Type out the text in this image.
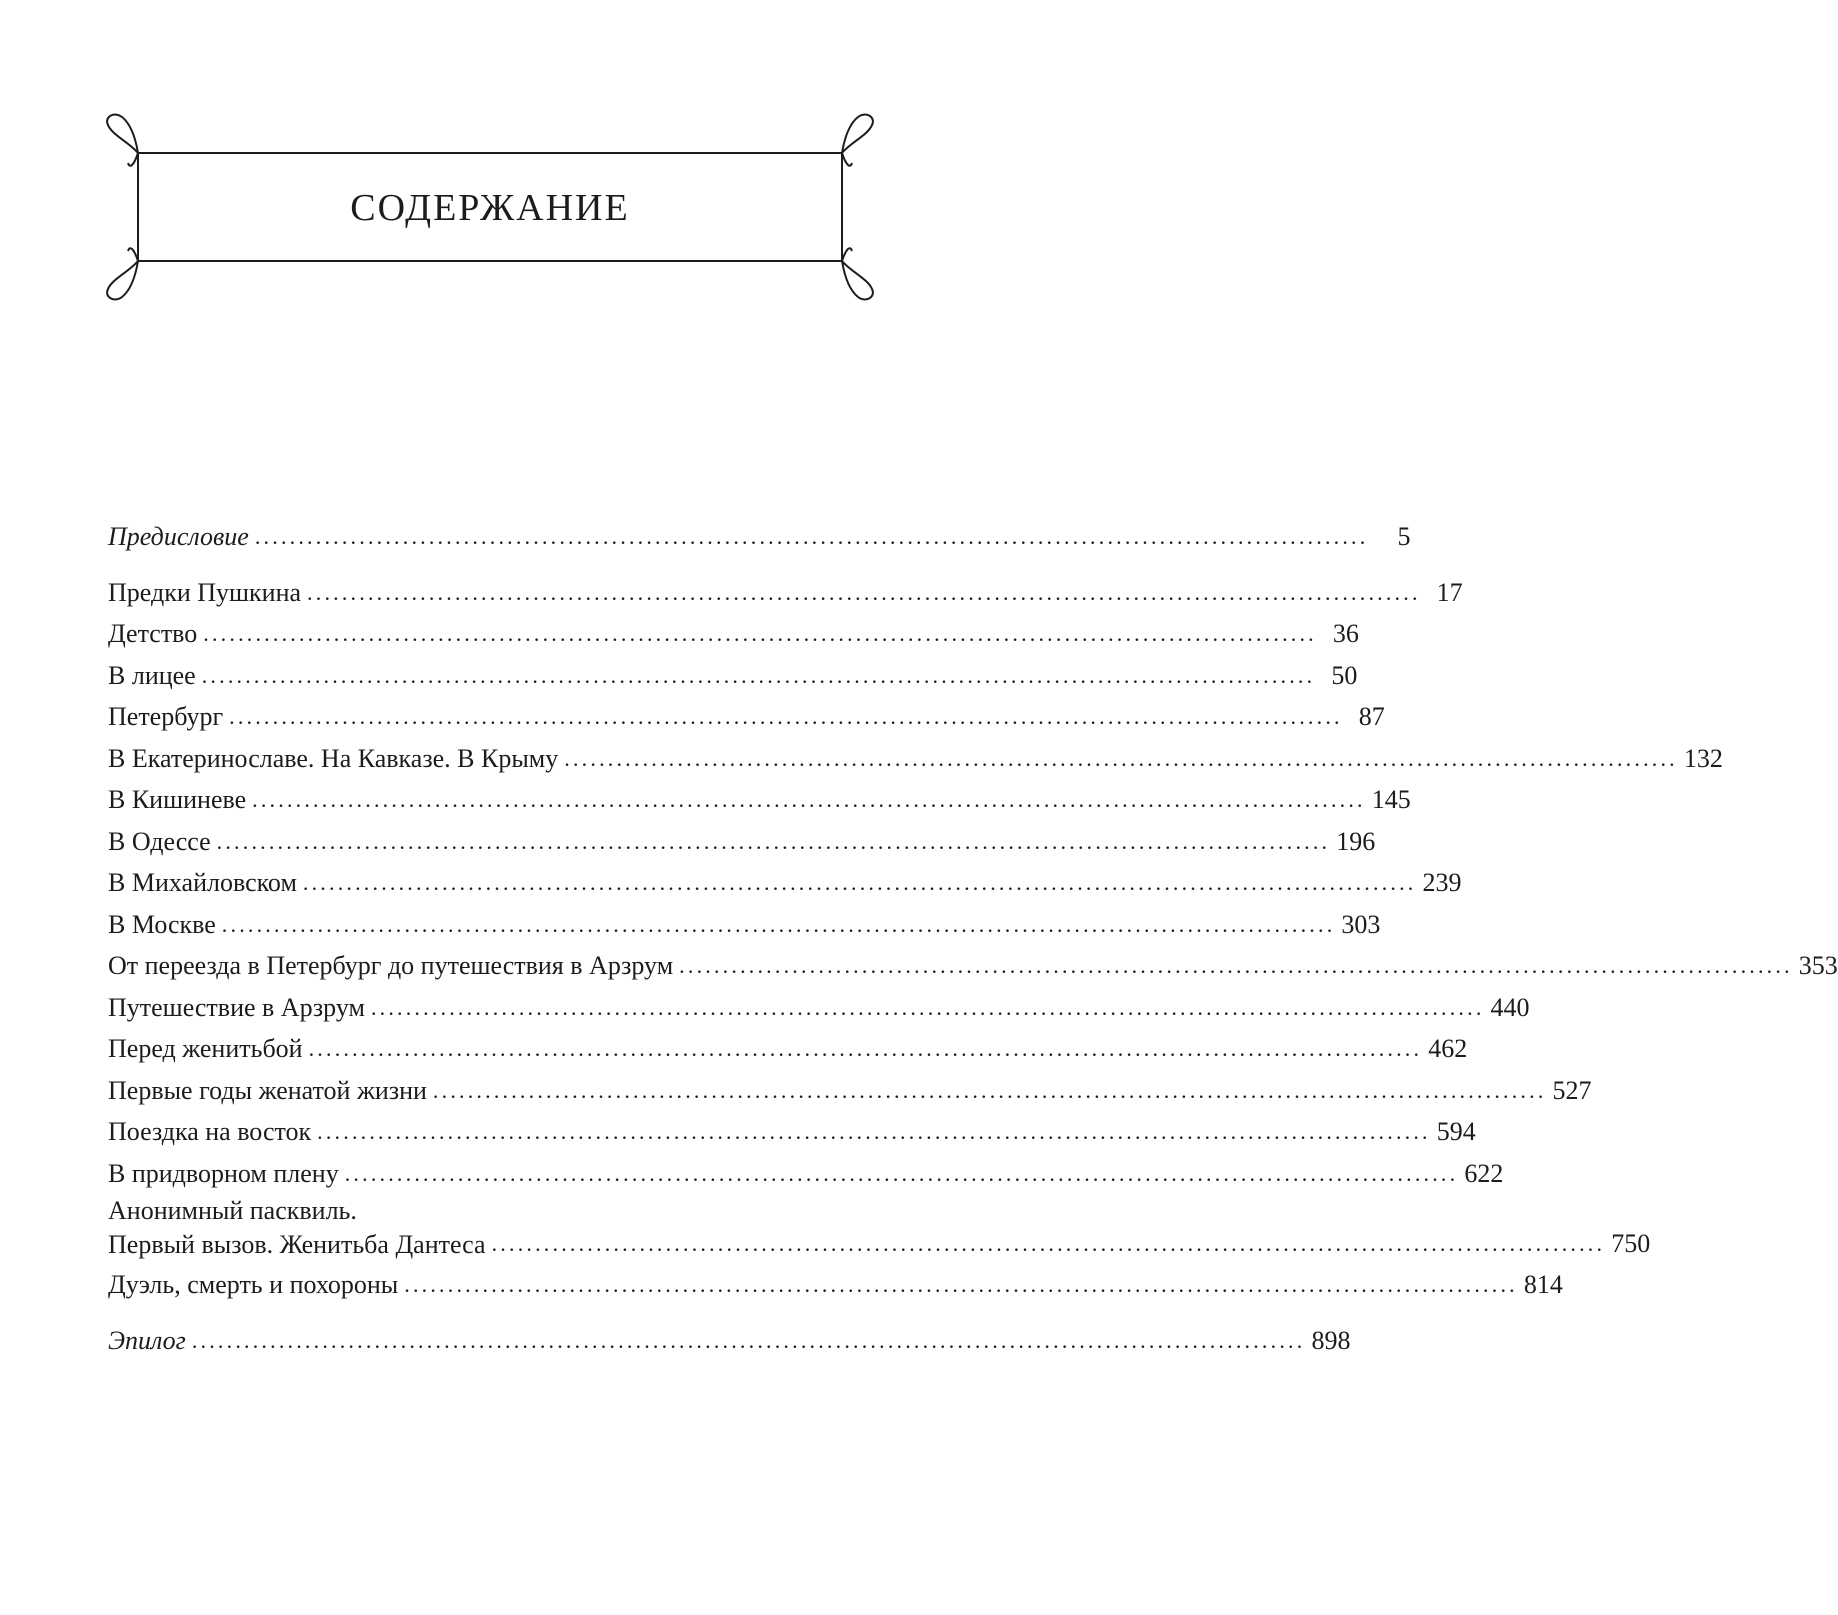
СОДЕРЖАНИЕ
Предисловие ................................................................................................................................	5
Предки Пушкина ................................................................................................................................ 17
Детство ................................................................................................................................ 36
В лицее ................................................................................................................................ 50
Петербург ................................................................................................................................ 87
В Екатеринославе. На Кавказе. В Крыму ................................................................................................................................ 132
В Кишиневе ................................................................................................................................ 145
В Одессе ................................................................................................................................ 196
В Михайловском ................................................................................................................................ 239
В Москве ................................................................................................................................ 303
От переезда в Петербург до путешествия в Арзрум ................................................................................................................................ 353
Путешествие в Арзрум ................................................................................................................................ 440
Перед женитьбой ................................................................................................................................ 462
Первые годы женатой жизни ................................................................................................................................ 527
Поездка на восток ................................................................................................................................ 594
В придворном плену ................................................................................................................................ 622
Анонимный пасквиль.
Первый вызов. Женитьба Дантеса ................................................................................................................................ 750
Дуэль, смерть и похороны ................................................................................................................................ 814
Эпилог ................................................................................................................................ 898
